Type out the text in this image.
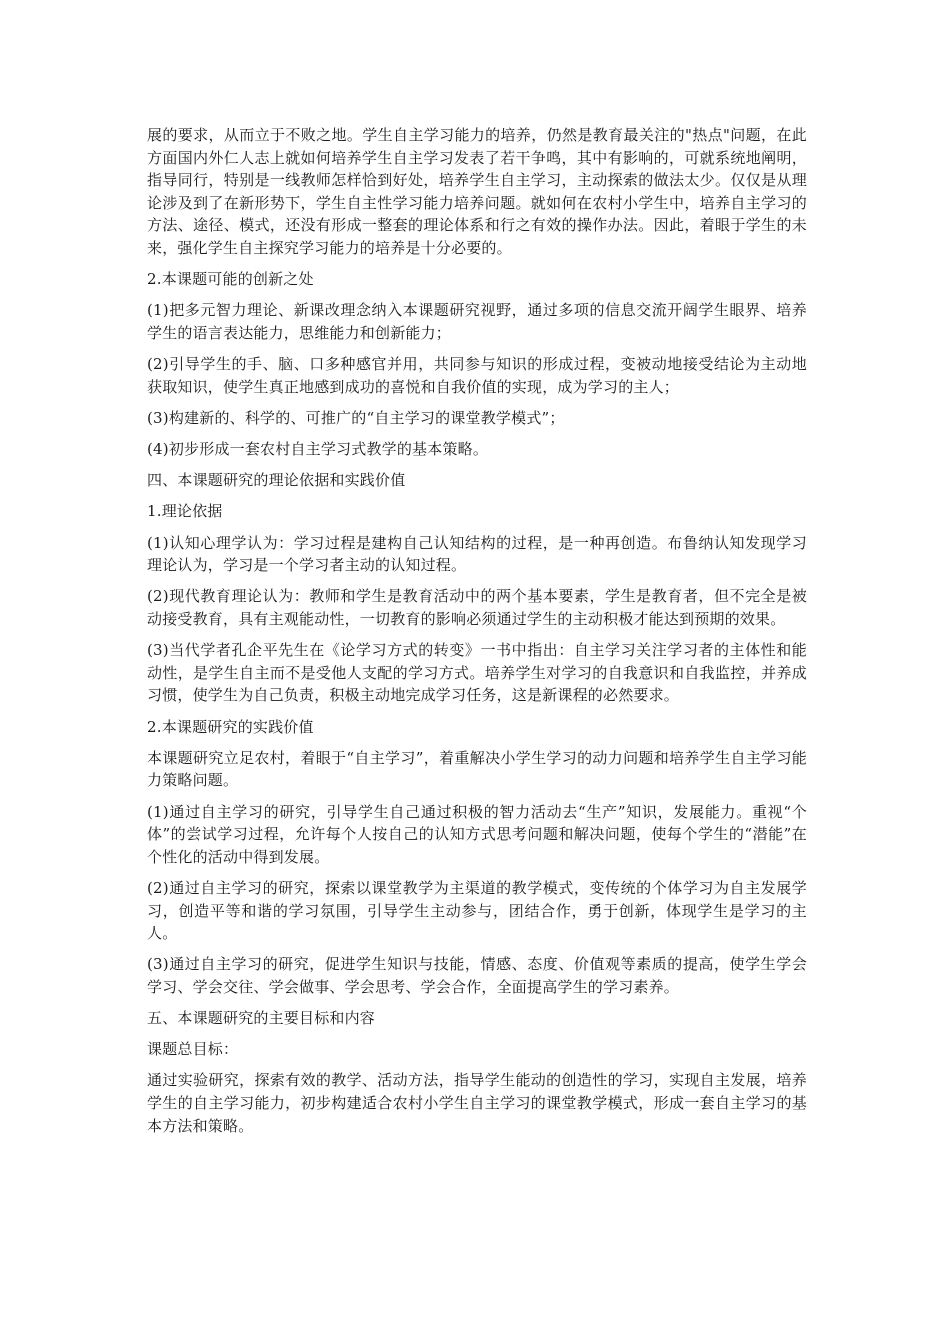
展的要求，从而立于不败之地。学生自主学习能力的培养，仍然是教育最关注的"热点"问题，在此方面国内外仁人志上就如何培养学生自主学习发表了若干争鸣，其中有影响的，可就系统地阐明，指导同行，特别是一线教师怎样恰到好处，培养学生自主学习，主动探索的做法太少。仅仅是从理论涉及到了在新形势下，学生自主性学习能力培养问题。就如何在农村小学生中，培养自主学习的方法、途径、模式，还没有形成一整套的理论体系和行之有效的操作办法。因此，着眼于学生的未来，强化学生自主探究学习能力的培养是十分必要的。

2.本课题可能的创新之处

(1)把多元智力理论、新课改理念纳入本课题研究视野，通过多项的信息交流开阔学生眼界、培养学生的语言表达能力，思维能力和创新能力；

(2)引导学生的手、脑、口多种感官并用，共同参与知识的形成过程，变被动地接受结论为主动地获取知识，使学生真正地感到成功的喜悦和自我价值的实现，成为学习的主人；

(3)构建新的、科学的、可推广的“自主学习的课堂教学模式”；

(4)初步形成一套农村自主学习式教学的基本策略。

四、本课题研究的理论依据和实践价值

1.理论依据

(1)认知心理学认为：学习过程是建构自己认知结构的过程，是一种再创造。布鲁纳认知发现学习理论认为，学习是一个学习者主动的认知过程。

(2)现代教育理论认为：教师和学生是教育活动中的两个基本要素，学生是教育者，但不完全是被动接受教育，具有主观能动性，一切教育的影响必须通过学生的主动积极才能达到预期的效果。

(3)当代学者孔企平先生在《论学习方式的转变》一书中指出：自主学习关注学习者的主体性和能动性，是学生自主而不是受他人支配的学习方式。培养学生对学习的自我意识和自我监控，并养成习惯，使学生为自己负责，积极主动地完成学习任务，这是新课程的必然要求。

2.本课题研究的实践价值

本课题研究立足农村，着眼于“自主学习”，着重解决小学生学习的动力问题和培养学生自主学习能力策略问题。

(1)通过自主学习的研究，引导学生自己通过积极的智力活动去“生产”知识，发展能力。重视“个体”的尝试学习过程，允许每个人按自己的认知方式思考问题和解决问题，使每个学生的“潜能”在个性化的活动中得到发展。

(2)通过自主学习的研究，探索以课堂教学为主渠道的教学模式，变传统的个体学习为自主发展学习，创造平等和谐的学习氛围，引导学生主动参与，团结合作，勇于创新，体现学生是学习的主人。

(3)通过自主学习的研究，促进学生知识与技能，情感、态度、价值观等素质的提高，使学生学会学习、学会交往、学会做事、学会思考、学会合作，全面提高学生的学习素养。

五、本课题研究的主要目标和内容

课题总目标：

通过实验研究，探索有效的教学、活动方法，指导学生能动的创造性的学习，实现自主发展，培养学生的自主学习能力，初步构建适合农村小学生自主学习的课堂教学模式，形成一套自主学习的基本方法和策略。
